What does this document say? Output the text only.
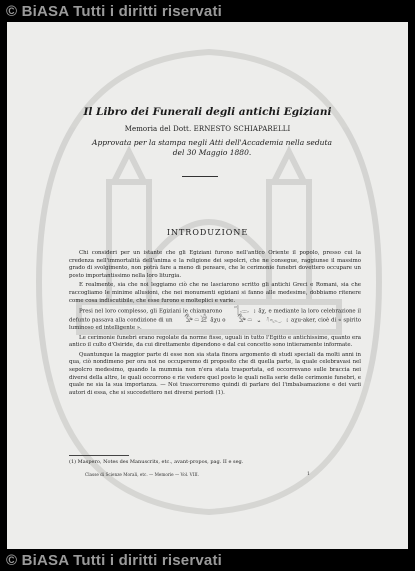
© BiASA Tutti i diritti riservati
Il Libro dei Funerali degli antichi Egiziani
Memoria del Dott. ERNESTO SCHIAPARELLI
Approvata per la stampa negli Atti dell'Accademia nella seduta
del 30 Maggio 1880.
INTRODUZIONE

Chi consideri per un istante che gli Egiziani furono nell'antico Oriente il popolo, presso cui la credenza nell'immortalità dell'anima e la religione dei sepolcri, che ne consegue, raggiunse il massimo grado di svolgimento, non potrà fare a meno di pensare, che le cerimonie funebri dovettero occupare un posto importantissimo nella loro liturgia.

E realmente, sia che noi leggiamo ciò che ne lasciarono scritto gli antichi Greci e Romani, sia che raccogliamo le minime allusioni, che nei monumenti egiziani si fanno alle medesime, dobbiamo ritenere come cosa indiscutibile, che esse furono e molteplici e varie.

Presi nel loro complesso, gli Egiziani le chiamarono 𓊹𓂋 𓏤 ăχ, e mediante la loro celebrazione il defunto passava alla condizione di un 𓅜𓏏𓀀 ăχu o 𓅜𓏏 𓂝𓆑 𓏤 aχu-aker, cioè di « spirito luminoso ed intelligente ».

Le cerimonie funebri erano regolate da norme fisse, uguali in tutto l'Egitto e antichissime, quanto era antico il culto d'Osiride, da cui direttamente dipendono e dal cui concetto sono intieramente informate.

Quantunque la maggior parte di esse non sia stata finora argomento di studi speciali da molti anni in qua, ciò nondimeno per ora noi ne occuperemo di proposito che di quella parte, la quale celebravasi nel sepolcro medesimo, quando la mummia non n'era stata trasportata, ed occorrevano sulle braccia nei diversi della altre, le quali occorrono e rie vedere quel posto le quali nella serie delle cerimonie funebri, e quale ne sia la sua importanza. — Noi trascorreremo quindi di parlare del l'imbalsamazione e dei varii autori di essa, che si succedettero nei diversi periodi (1).

(1) Maspero, Notes des Manuscrits, etc., avant-propos, pag. II e seg.
Classe di Scienze Morali, etc. — Memorie — Vol. VIII.	1
© BiASA Tutti i diritti riservati
